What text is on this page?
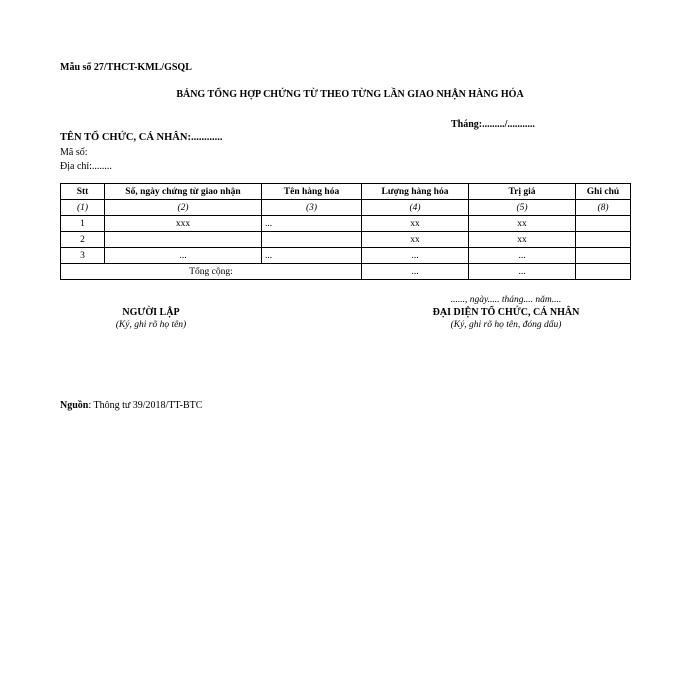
Mẫu số 27/THCT-KML/GSQL
BẢNG TỔNG HỢP CHỨNG TỪ THEO TỪNG LẦN GIAO NHẬN HÀNG HÓA
Tháng:........./...........
TÊN TỔ CHỨC, CÁ NHÂN:............
Mã số:
Địa chỉ:........
Stt	Số, ngày chứng từ giao nhận	Tên hàng hóa	Lượng hàng hóa	Trị giá	Ghi chú
(1)	(2)	(3)	(4)	(5)	(8)
1	xxx	...	xx	xx	
2			xx	xx	
3	...	...	...	...	
Tổng cộng:			...	...	
NGƯỜI LẬP
(Ký, ghi rõ họ tên)
......, ngày..... tháng.... năm....
ĐẠI DIỆN TỔ CHỨC, CÁ NHÂN
(Ký, ghi rõ họ tên, đóng dấu)
Nguồn: Thông tư 39/2018/TT-BTC
